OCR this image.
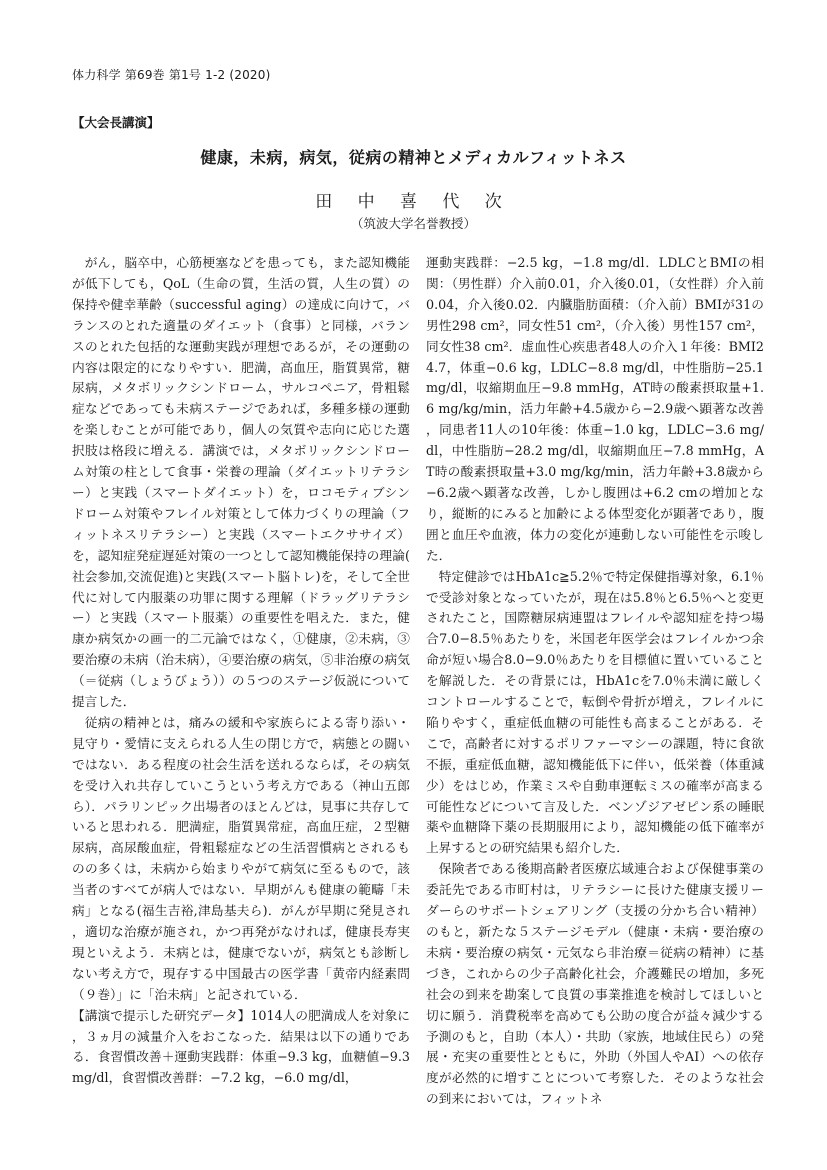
体力科学 第69巻 第1号 1-2 (2020)
【大会長講演】
健康，未病，病気，従病の精神とメディカルフィットネス
田 中 喜 代 次
（筑波大学名誉教授）

がん，脳卒中，心筋梗塞などを患っても，また認知機能が低下しても，QoL（生命の質，生活の質，人生の質）の保持や健幸華齢（successful aging）の達成に向けて，バランスのとれた適量のダイエット（食事）と同様，バランスのとれた包括的な運動実践が理想であるが，その運動の内容は限定的になりやすい．肥満，高血圧，脂質異常，糖尿病，メタボリックシンドローム，サルコペニア，骨粗鬆症などであっても未病ステージであれば，多種多様の運動を楽しむことが可能であり，個人の気質や志向に応じた選択肢は格段に増える．講演では，メタボリックシンドローム対策の柱として食事・栄養の理論（ダイエットリテラシー）と実践（スマートダイエット）を，ロコモティブシンドローム対策やフレイル対策として体力づくりの理論（フィットネスリテラシー）と実践（スマートエクササイズ）を，認知症発症遅延対策の一つとして認知機能保持の理論(社会参加,交流促進)と実践(スマート脳トレ)を，そして全世代に対して内服薬の功罪に関する理解（ドラッグリテラシー）と実践（スマート服薬）の重要性を唱えた．また，健康か病気かの画一的二元論ではなく，①健康，②未病，③要治療の未病（治未病），④要治療の病気，⑤非治療の病気（＝従病（しょうびょう））の５つのステージ仮説について提言した．

従病の精神とは，痛みの緩和や家族らによる寄り添い・見守り・愛情に支えられる人生の閉じ方で，病態との闘いではない．ある程度の社会生活を送れるならば，その病気を受け入れ共存していこうという考え方である（神山五郎ら）．パラリンピック出場者のほとんどは，見事に共存していると思われる．肥満症，脂質異常症，高血圧症，２型糖尿病，高尿酸血症，骨粗鬆症などの生活習慣病とされるものの多くは，未病から始まりやがて病気に至るもので，該当者のすべてが病人ではない．早期がんも健康の範疇「未病」となる(福生吉裕,津島基夫ら)．がんが早期に発見され，適切な治療が施され，かつ再発がなければ，健康長寿実現といえよう．未病とは，健康でないが，病気とも診断しない考え方で，現存する中国最古の医学書「黄帝内経素問（９巻）」に「治未病」と記されている．

【講演で提示した研究データ】1014人の肥満成人を対象に，３ヵ月の減量介入をおこなった．結果は以下の通りである．食習慣改善＋運動実践群：体重−9.3 kg，血糖値−9.3 mg/dl，食習慣改善群：−7.2 kg，−6.0 mg/dl，

運動実践群：−2.5 kg，−1.8 mg/dl．LDLCとBMIの相関：（男性群）介入前0.01，介入後0.01，（女性群）介入前0.04，介入後0.02．内臓脂肪面積：（介入前）BMIが31の男性298 cm²，同女性51 cm²，（介入後）男性157 cm²，同女性38 cm²．虚血性心疾患者48人の介入１年後：BMI24.7，体重−0.6 kg，LDLC−8.8 mg/dl，中性脂肪−25.1 mg/dl，収縮期血圧−9.8 mmHg，AT時の酸素摂取量+1.6 mg/kg/min，活力年齢+4.5歳から−2.9歳へ顕著な改善，同患者11人の10年後：体重−1.0 kg，LDLC−3.6 mg/dl，中性脂肪−28.2 mg/dl，収縮期血圧−7.8 mmHg，AT時の酸素摂取量+3.0 mg/kg/min，活力年齢+3.8歳から−6.2歳へ顕著な改善，しかし腹囲は+6.2 cmの増加となり，縦断的にみると加齢による体型変化が顕著であり，腹囲と血圧や血液，体力の変化が連動しない可能性を示唆した．

特定健診ではHbA1c≧5.2％で特定保健指導対象，6.1％で受診対象となっていたが，現在は5.8％と6.5％へと変更されたこと，国際糖尿病連盟はフレイルや認知症を持つ場合7.0−8.5％あたりを，米国老年医学会はフレイルかつ余命が短い場合8.0−9.0％あたりを目標値に置いていることを解説した．その背景には，HbA1cを7.0％未満に厳しくコントロールすることで，転倒や骨折が増え，フレイルに陥りやすく，重症低血糖の可能性も高まることがある．そこで，高齢者に対するポリファーマシーの課題，特に食欲不振，重症低血糖，認知機能低下に伴い，低栄養（体重減少）をはじめ，作業ミスや自動車運転ミスの確率が高まる可能性などについて言及した．ベンゾジアゼピン系の睡眠薬や血糖降下薬の長期服用により，認知機能の低下確率が上昇するとの研究結果も紹介した．

保険者である後期高齢者医療広域連合および保健事業の委託先である市町村は，リテラシーに長けた健康支援リーダーらのサポートシェアリング（支援の分かち合い精神）のもと，新たな５ステージモデル（健康・未病・要治療の未病・要治療の病気・元気なら非治療＝従病の精神）に基づき，これからの少子高齢化社会，介護難民の増加，多死社会の到来を勘案して良質の事業推進を検討してほしいと切に願う．消費税率を高めても公助の度合が益々減少する予測のもと，自助（本人）・共助（家族，地域住民ら）の発展・充実の重要性とともに，外助（外国人やAI）への依存度が必然的に増すことについて考察した．そのような社会の到来においては，フィットネ
